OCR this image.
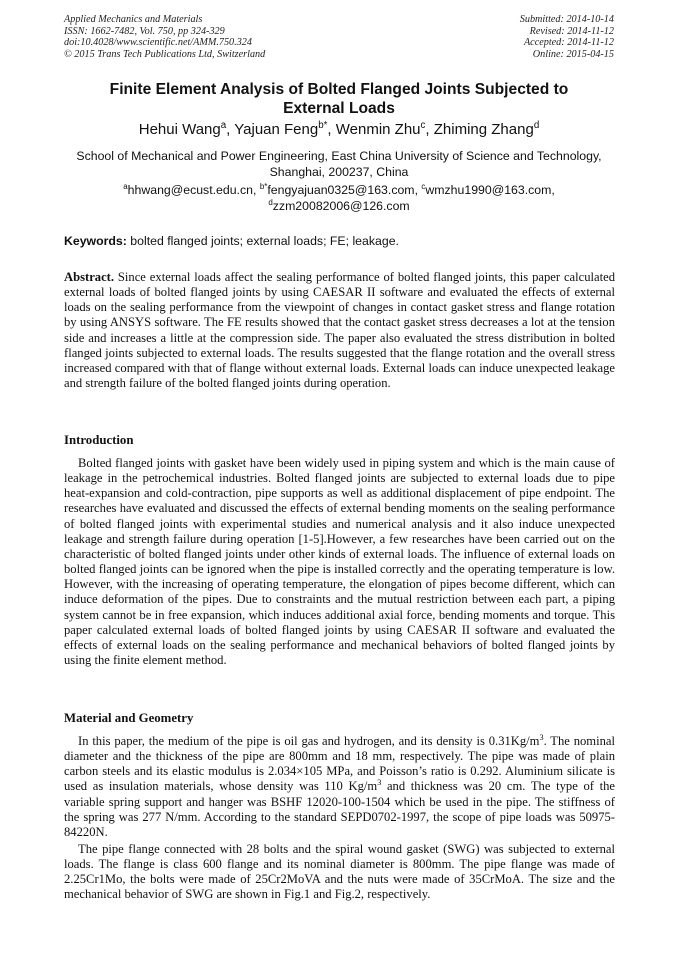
Applied Mechanics and Materials
ISSN: 1662-7482, Vol. 750, pp 324-329
doi:10.4028/www.scientific.net/AMM.750.324
© 2015 Trans Tech Publications Ltd, Switzerland
Submitted: 2014-10-14
Revised: 2014-11-12
Accepted: 2014-11-12
Online: 2015-04-15
Finite Element Analysis of Bolted Flanged Joints Subjected to External Loads
Hehui Wang$^a$, Yajuan Feng$^{b*}$, Wenmin Zhu$^c$, Zhiming Zhang$^d$
School of Mechanical and Power Engineering, East China University of Science and Technology, Shanghai, 200237, China
$^a$hhwang@ecust.edu.cn, $^{b*}$fengyajuan0325@163.com, $^c$wmzhu1990@163.com,
$^d$zzm20082006@126.com
Keywords: bolted flanged joints; external loads; FE; leakage.
Abstract. Since external loads affect the sealing performance of bolted flanged joints, this paper calculated external loads of bolted flanged joints by using CAESAR II software and evaluated the effects of external loads on the sealing performance from the viewpoint of changes in contact gasket stress and flange rotation by using ANSYS software. The FE results showed that the contact gasket stress decreases a lot at the tension side and increases a little at the compression side. The paper also evaluated the stress distribution in bolted flanged joints subjected to external loads. The results suggested that the flange rotation and the overall stress increased compared with that of flange without external loads. External loads can induce unexpected leakage and strength failure of the bolted flanged joints during operation.
Introduction
Bolted flanged joints with gasket have been widely used in piping system and which is the main cause of leakage in the petrochemical industries. Bolted flanged joints are subjected to external loads due to pipe heat-expansion and cold-contraction, pipe supports as well as additional displacement of pipe endpoint. The researches have evaluated and discussed the effects of external bending moments on the sealing performance of bolted flanged joints with experimental studies and numerical analysis and it also induce unexpected leakage and strength failure during operation [1-5].However, a few researches have been carried out on the characteristic of bolted flanged joints under other kinds of external loads. The influence of external loads on bolted flanged joints can be ignored when the pipe is installed correctly and the operating temperature is low. However, with the increasing of operating temperature, the elongation of pipes become different, which can induce deformation of the pipes. Due to constraints and the mutual restriction between each part, a piping system cannot be in free expansion, which induces additional axial force, bending moments and torque. This paper calculated external loads of bolted flanged joints by using CAESAR II software and evaluated the effects of external loads on the sealing performance and mechanical behaviors of bolted flanged joints by using the finite element method.
Material and Geometry
In this paper, the medium of the pipe is oil gas and hydrogen, and its density is $0.31Kg/m^3$. The nominal diameter and the thickness of the pipe are 800mm and 18 mm, respectively. The pipe was made of plain carbon steels and its elastic modulus is 2.034×105 MPa, and Poisson’s ratio is 0.292. Aluminium silicate is used as insulation materials, whose density was 110 $Kg/m^3$ and thickness was 20 cm. The type of the variable spring support and hanger was BSHF 12020-100-1504 which be used in the pipe. The stiffness of the spring was 277 N/mm. According to the standard SEPD0702-1997, the scope of pipe loads was 50975-84220N.
The pipe flange connected with 28 bolts and the spiral wound gasket (SWG) was subjected to external loads. The flange is class 600 flange and its nominal diameter is 800mm. The pipe flange was made of 2.25Cr1Mo, the bolts were made of 25Cr2MoVA and the nuts were made of 35CrMoA. The size and the mechanical behavior of SWG are shown in Fig.1 and Fig.2, respectively.
